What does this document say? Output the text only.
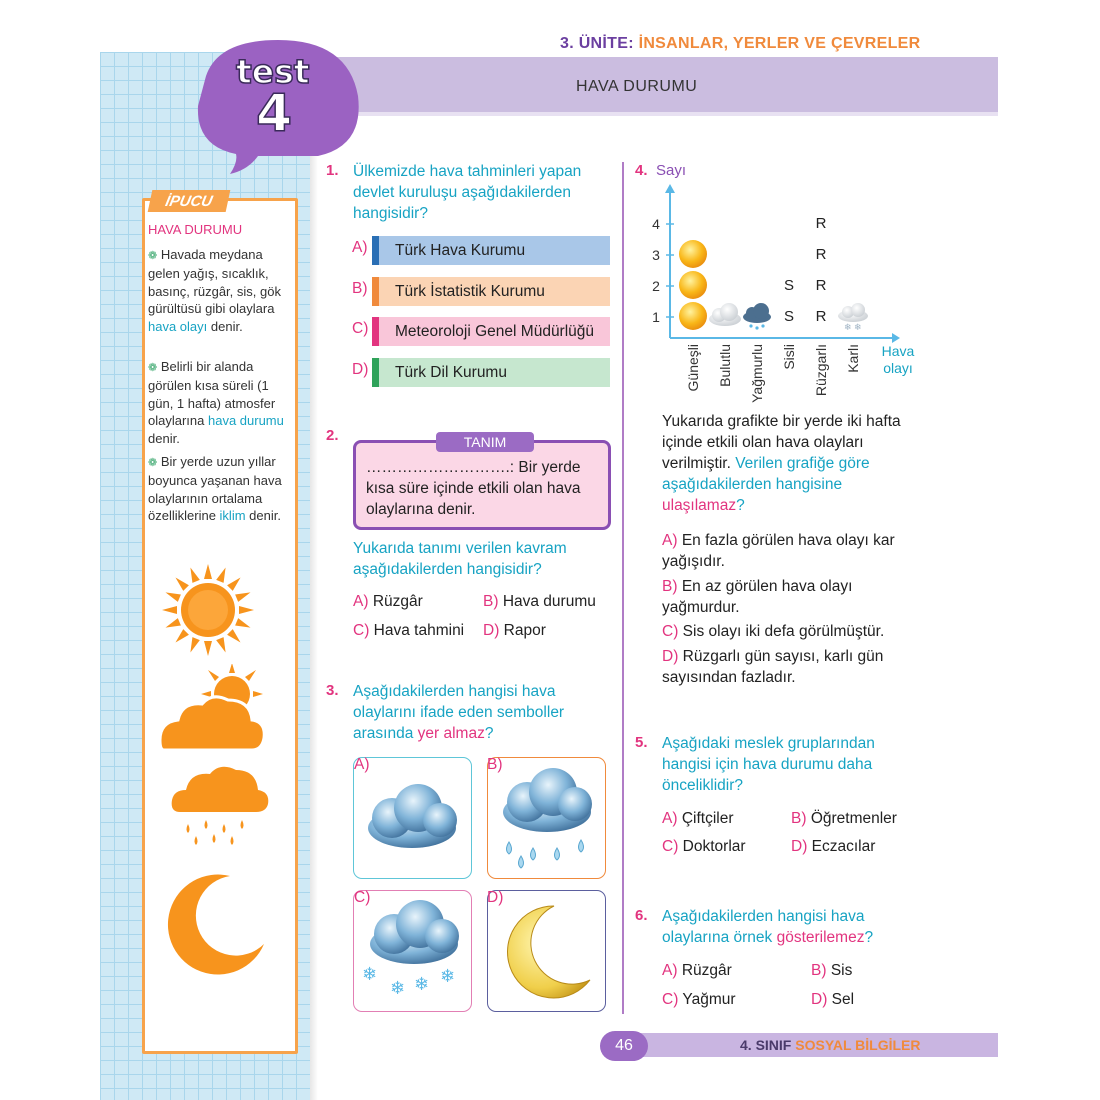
3. ÜNİTE: İNSANLAR, YERLER VE ÇEVRELER
HAVA DURUMU
test
4
İPUCU
HAVA DURUMU
❁ Havada meydana gelen yağış, sıcaklık, basınç, rüzgâr, sis, gök gürültüsü gibi olaylara hava olayı denir.
❁ Belirli bir alanda görülen kısa süreli (1 gün, 1 hafta) atmosfer olaylarına hava durumu denir.
❁ Bir yerde uzun yıllar boyunca yaşanan hava olaylarının ortalama özelliklerine iklim denir.
1. Ülkemizde hava tahminleri yapan devlet kuruluşu aşağıdakilerden hangisidir?
A)	Türk Hava Kurumu
B)	Türk İstatistik Kurumu
C)	Meteoroloji Genel Müdürlüğü
D)	Türk Dil Kurumu
2.	TANIM
……………………….: Bir yerde kısa süre içinde etkili olan hava olaylarına denir.
Yukarıda tanımı verilen kavram aşağıdakilerden hangisidir?
A) Rüzgâr	B) Hava durumu
C) Hava tahmini D) Rapor
3. Aşağıdakilerden hangisi hava olaylarını ifade eden semboller arasında yer almaz?
A)	B)
C)
❄
❄ ❄ ❄
D)
4. Sayı
1
2
3
4
Hava olayı
Güneşli Bulutlu Yağmurlu Sisli
S
S
Rüzgarlı
R
R
R
R
Karlı
❄ ❄
Yukarıda grafikte bir yerde iki hafta içinde etkili olan hava olayları verilmiştir. Verilen grafiğe göre aşağıdakilerden hangisine ulaşılamaz?
A) En fazla görülen hava olayı kar yağışıdır.
B) En az görülen hava olayı yağmurdur.
C) Sis olayı iki defa görülmüştür.
D) Rüzgarlı gün sayısı, karlı gün sayısından fazladır.
5. Aşağıdaki meslek gruplarından hangisi için hava durumu daha önceliklidir?
A) Çiftçiler	B) Öğretmenler
C) Doktorlar	D) Eczacılar
6. Aşağıdakilerden hangisi hava olaylarına örnek gösterilemez?
A) Rüzgâr	B) Sis
C) Yağmur	D) Sel
46	4. SINIF SOSYAL BİLGİLER
